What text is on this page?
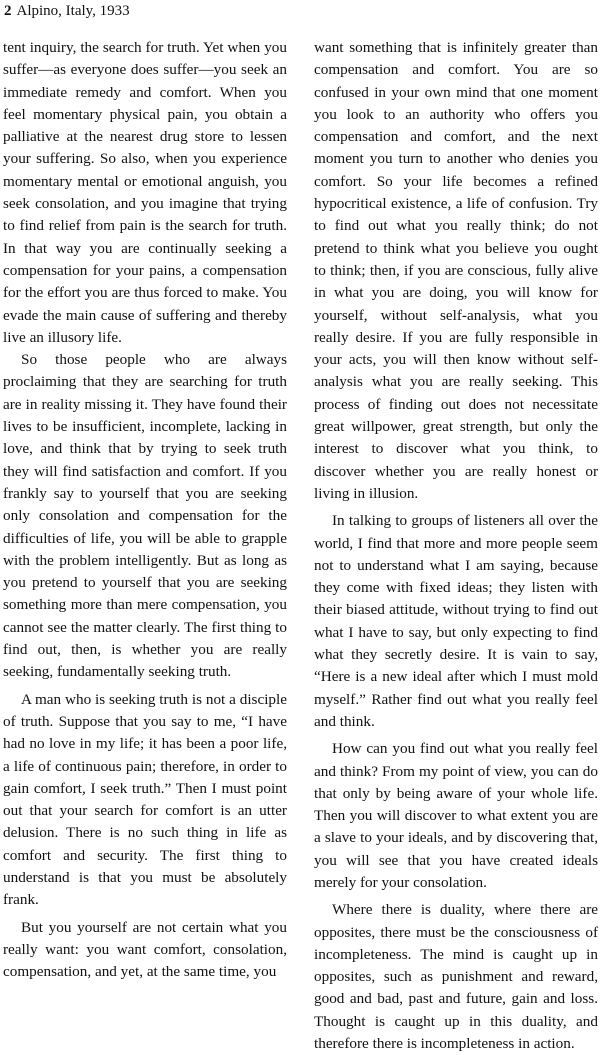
2 Alpino, Italy, 1933

tent inquiry, the search for truth. Yet when you suffer—as everyone does suffer—you seek an immediate remedy and comfort. When you feel momentary physical pain, you obtain a palliative at the nearest drug store to lessen your suffering. So also, when you experience momentary mental or emotional anguish, you seek consolation, and you imagine that trying to find relief from pain is the search for truth. In that way you are continually seeking a compensation for your pains, a compensation for the effort you are thus forced to make. You evade the main cause of suffering and thereby live an illusory life.

So those people who are always proclaiming that they are searching for truth are in reality missing it. They have found their lives to be insufficient, incomplete, lacking in love, and think that by trying to seek truth they will find satisfaction and comfort. If you frankly say to yourself that you are seeking only consolation and compensation for the difficulties of life, you will be able to grapple with the problem intelligently. But as long as you pretend to yourself that you are seeking something more than mere compensation, you cannot see the matter clearly. The first thing to find out, then, is whether you are really seeking, fundamentally seeking truth.

A man who is seeking truth is not a disciple of truth. Suppose that you say to me, “I have had no love in my life; it has been a poor life, a life of continuous pain; therefore, in order to gain comfort, I seek truth.” Then I must point out that your search for comfort is an utter delusion. There is no such thing in life as comfort and security. The first thing to understand is that you must be absolutely frank.

But you yourself are not certain what you really want: you want comfort, consolation, compensation, and yet, at the same time, you

want something that is infinitely greater than compensation and comfort. You are so confused in your own mind that one moment you look to an authority who offers you compensation and comfort, and the next moment you turn to another who denies you comfort. So your life becomes a refined hypocritical existence, a life of confusion. Try to find out what you really think; do not pretend to think what you believe you ought to think; then, if you are conscious, fully alive in what you are doing, you will know for yourself, without self-analysis, what you really desire. If you are fully responsible in your acts, you will then know without self-analysis what you are really seeking. This process of finding out does not necessitate great willpower, great strength, but only the interest to discover what you think, to discover whether you are really honest or living in illusion.

In talking to groups of listeners all over the world, I find that more and more people seem not to understand what I am saying, because they come with fixed ideas; they listen with their biased attitude, without trying to find out what I have to say, but only expecting to find what they secretly desire. It is vain to say, “Here is a new ideal after which I must mold myself.” Rather find out what you really feel and think.

How can you find out what you really feel and think? From my point of view, you can do that only by being aware of your whole life. Then you will discover to what extent you are a slave to your ideals, and by discovering that, you will see that you have created ideals merely for your consolation.

Where there is duality, where there are opposites, there must be the consciousness of incompleteness. The mind is caught up in opposites, such as punishment and reward, good and bad, past and future, gain and loss. Thought is caught up in this duality, and therefore there is incompleteness in action.
